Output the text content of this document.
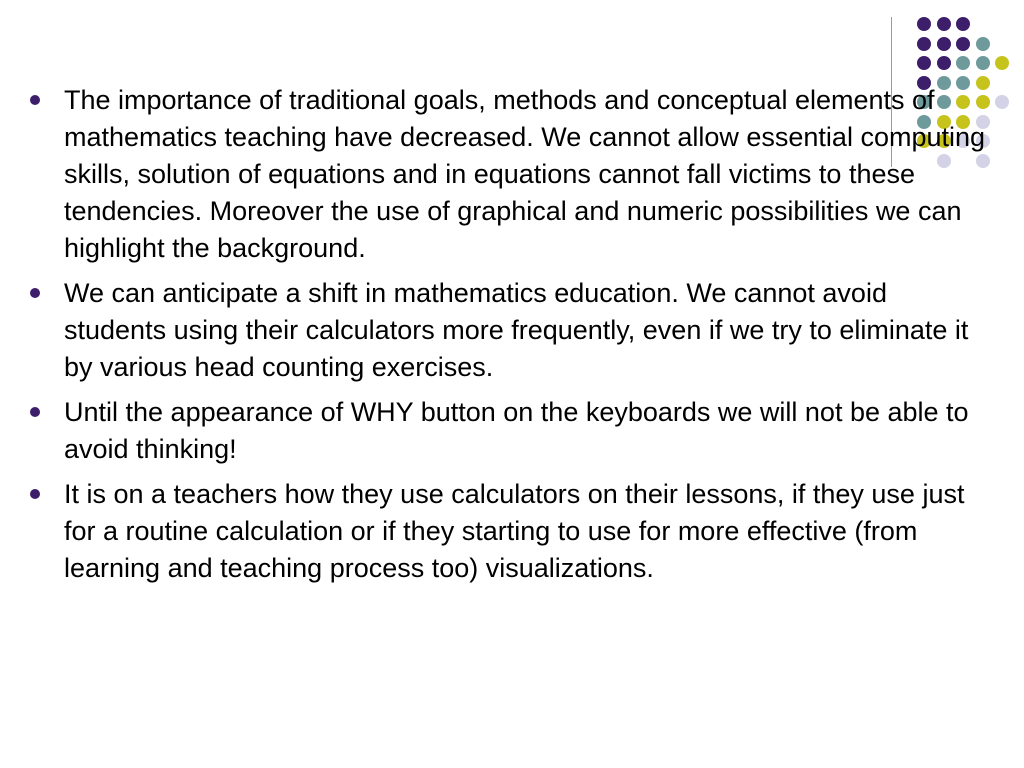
The importance of traditional goals, methods and conceptual elements of mathematics teaching have decreased. We cannot allow essential computing skills, solution of equations and in equations cannot fall victims to these tendencies. Moreover the use of graphical and numeric possibilities we can highlight the background.
We can anticipate a shift in mathematics education. We cannot avoid students using their calculators more frequently, even if we try to eliminate it by various head counting exercises.
Until the appearance of WHY button on the keyboards we will not be able to avoid thinking!
It is on a teachers how they use calculators on their lessons, if they use just for a routine calculation or if they starting to use for more effective (from learning and teaching process too) visualizations.
